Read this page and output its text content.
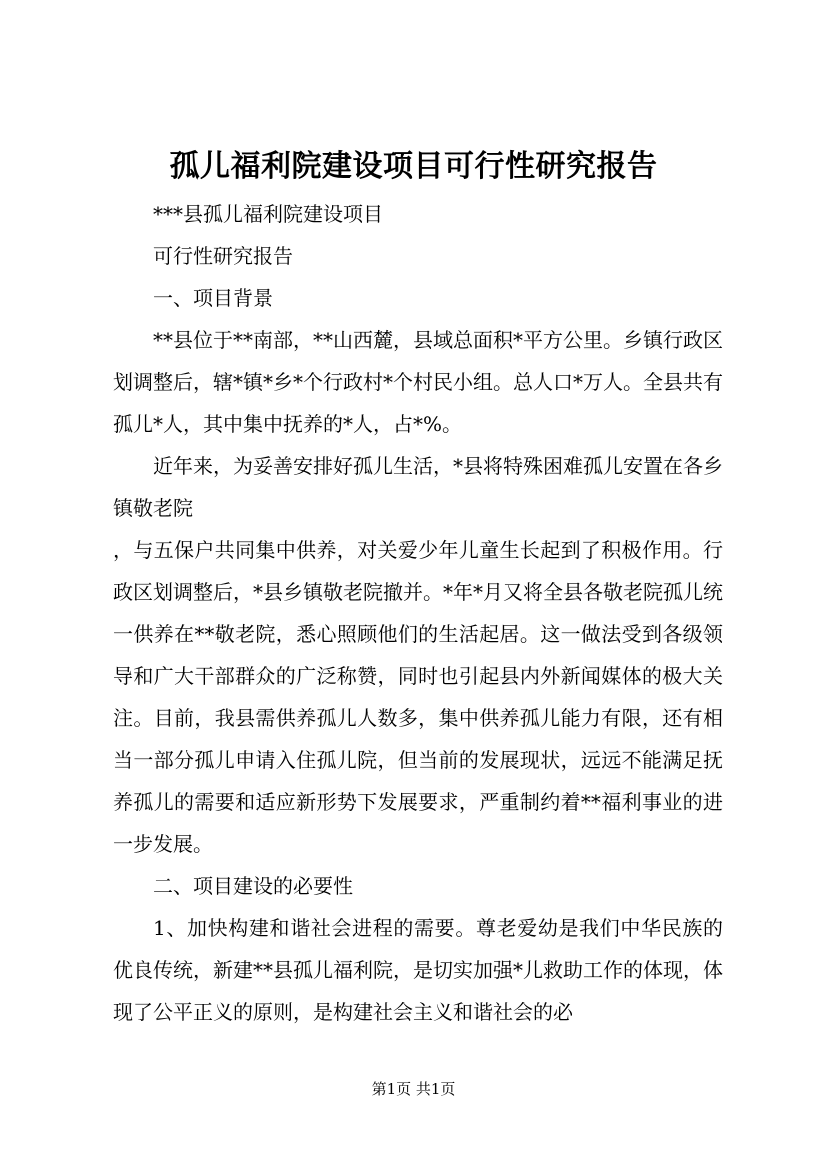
孤儿福利院建设项目可行性研究报告

***县孤儿福利院建设项目

可行性研究报告

一、项目背景

**县位于**南部，**山西麓，县域总面积*平方公里。乡镇行政区划调整后，辖*镇*乡*个行政村*个村民小组。总人口*万人。全县共有孤儿*人，其中集中抚养的*人，占*%。

近年来，为妥善安排好孤儿生活，*县将特殊困难孤儿安置在各乡镇敬老院

，与五保户共同集中供养，对关爱少年儿童生长起到了积极作用。行政区划调整后，*县乡镇敬老院撤并。*年*月又将全县各敬老院孤儿统一供养在**敬老院，悉心照顾他们的生活起居。这一做法受到各级领导和广大干部群众的广泛称赞，同时也引起县内外新闻媒体的极大关注。目前，我县需供养孤儿人数多，集中供养孤儿能力有限，还有相当一部分孤儿申请入住孤儿院，但当前的发展现状，远远不能满足抚养孤儿的需要和适应新形势下发展要求，严重制约着**福利事业的进一步发展。

二、项目建设的必要性

1、加快构建和谐社会进程的需要。尊老爱幼是我们中华民族的优良传统，新建**县孤儿福利院，是切实加强*儿救助工作的体现，体现了公平正义的原则，是构建社会主义和谐社会的必

第1页 共1页
